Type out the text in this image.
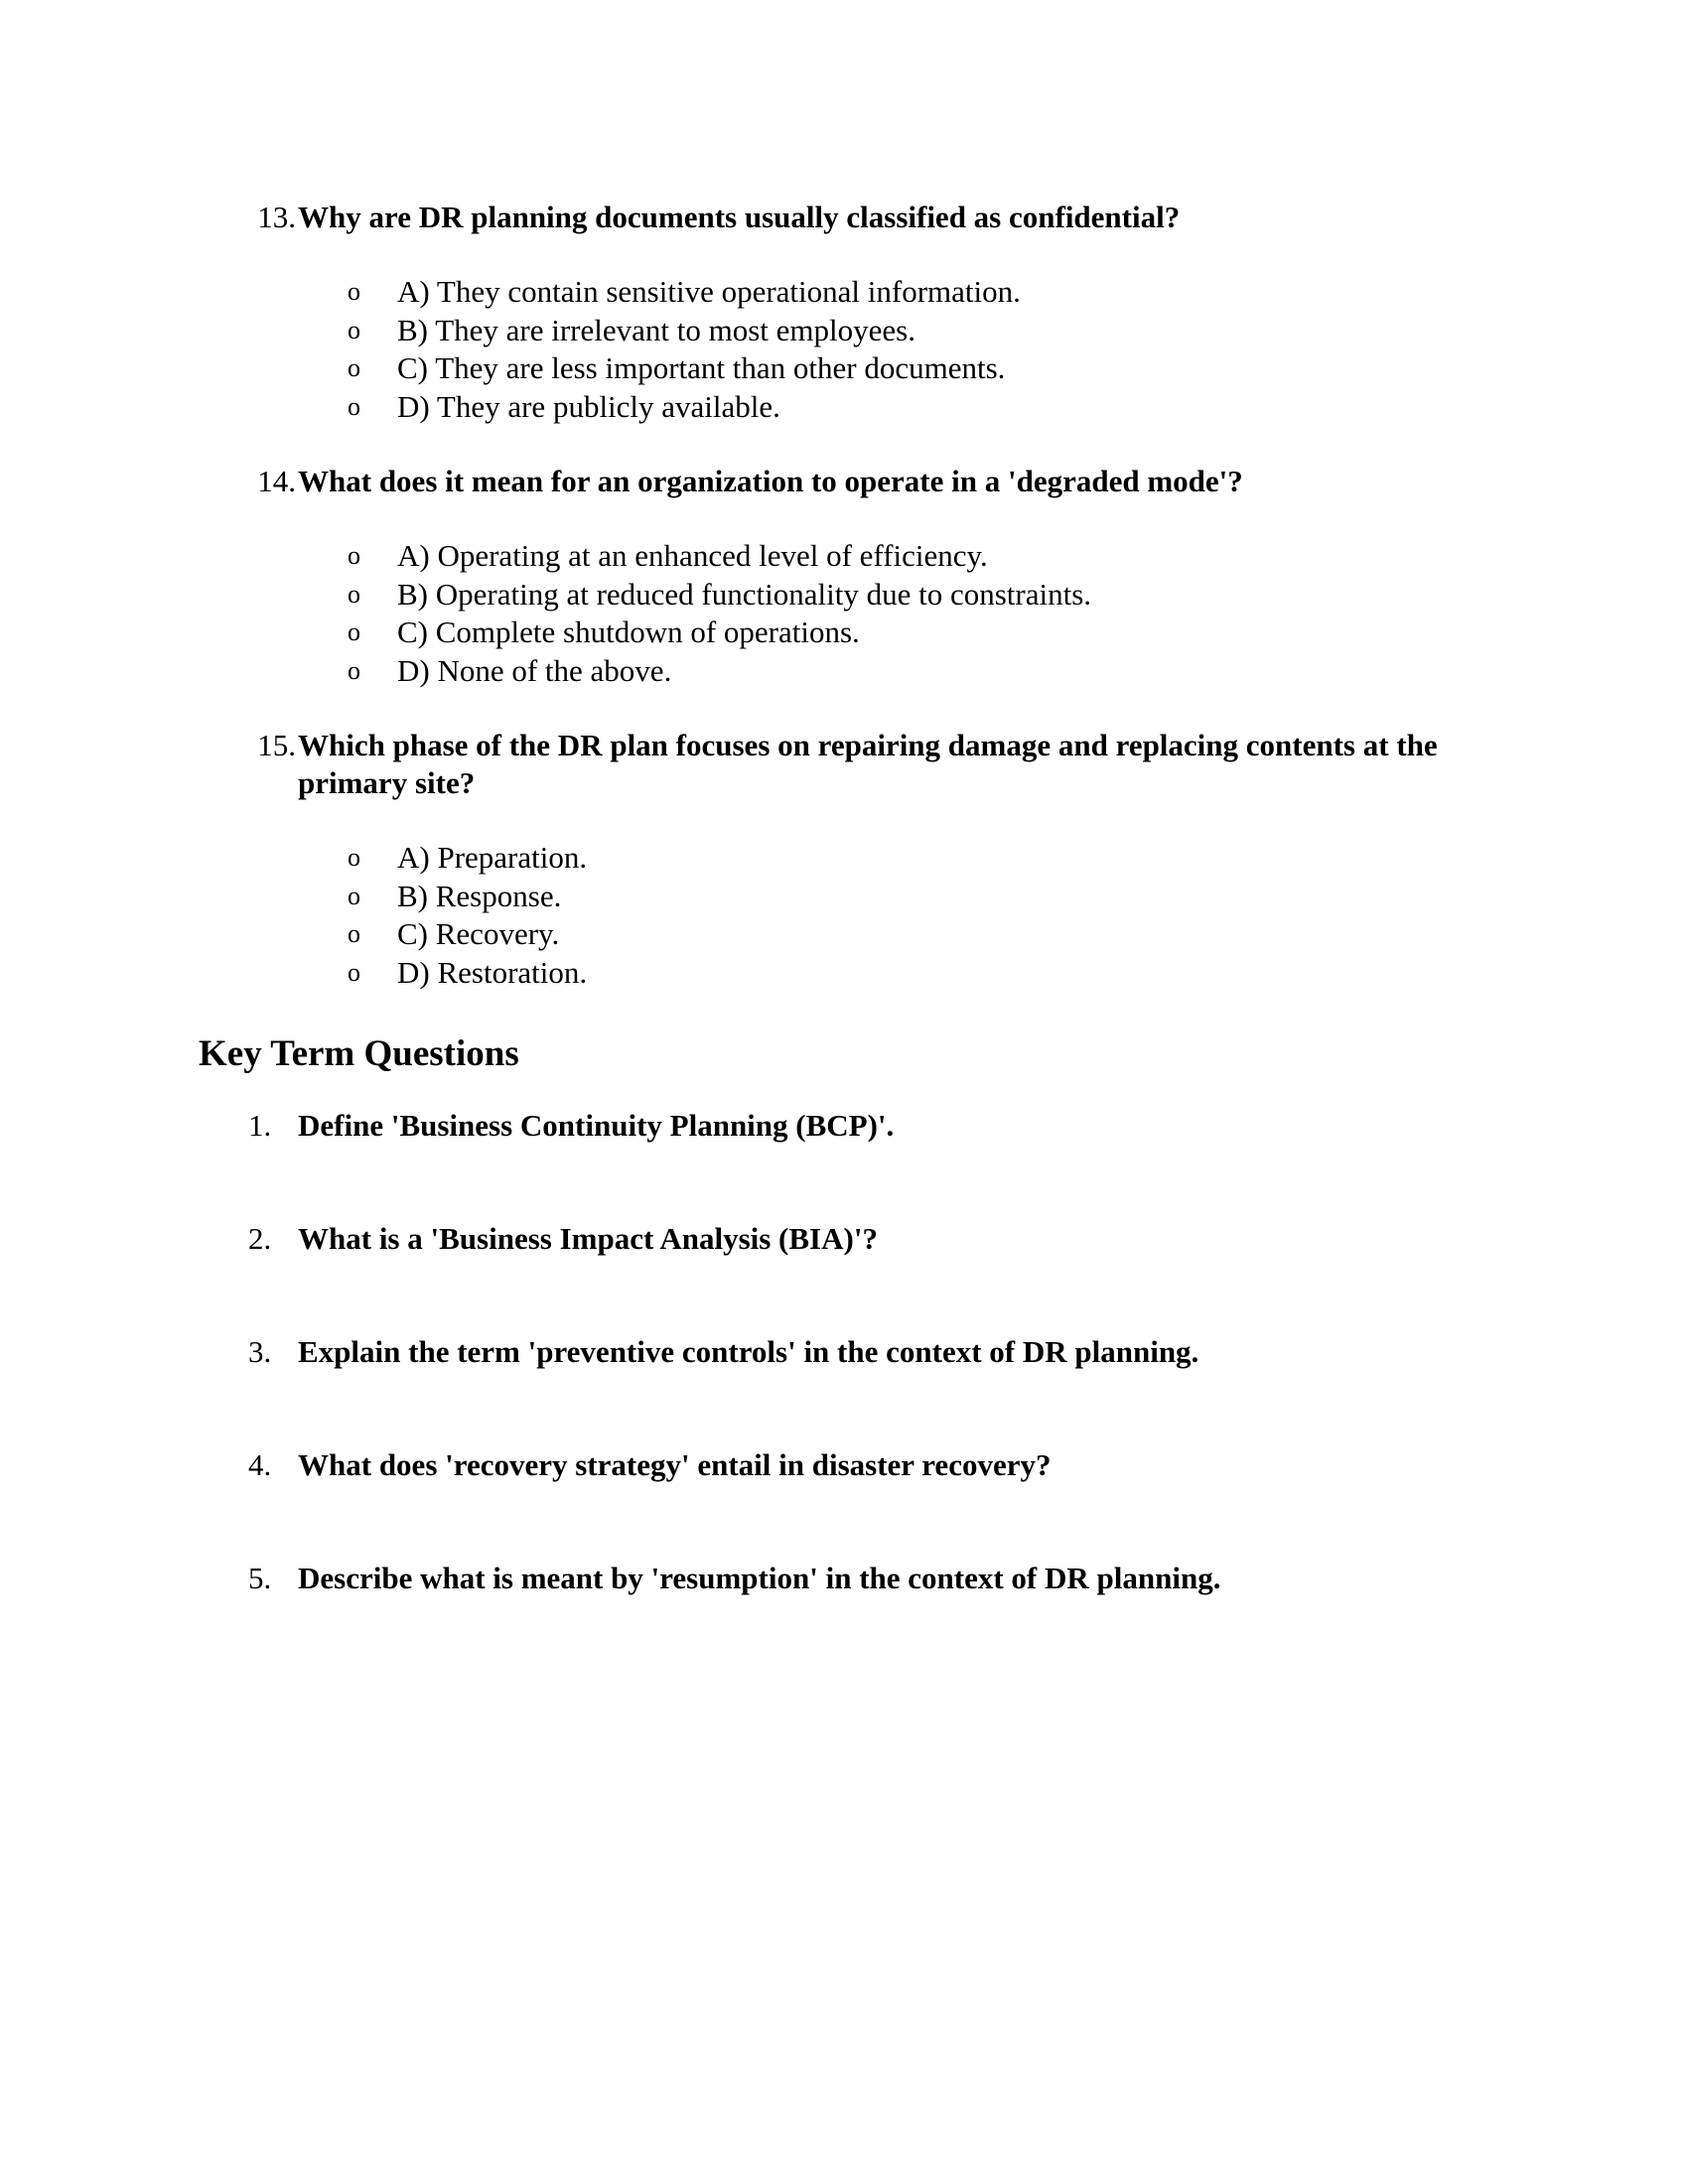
13. Why are DR planning documents usually classified as confidential?
o A) They contain sensitive operational information.
o B) They are irrelevant to most employees.
o C) They are less important than other documents.
o D) They are publicly available.
14. What does it mean for an organization to operate in a 'degraded mode'?
o A) Operating at an enhanced level of efficiency.
o B) Operating at reduced functionality due to constraints.
o C) Complete shutdown of operations.
o D) None of the above.
15. Which phase of the DR plan focuses on repairing damage and replacing contents at the primary site?
o A) Preparation.
o B) Response.
o C) Recovery.
o D) Restoration.
Key Term Questions
1. Define 'Business Continuity Planning (BCP)'.
2. What is a 'Business Impact Analysis (BIA)'?
3. Explain the term 'preventive controls' in the context of DR planning.
4. What does 'recovery strategy' entail in disaster recovery?
5. Describe what is meant by 'resumption' in the context of DR planning.
